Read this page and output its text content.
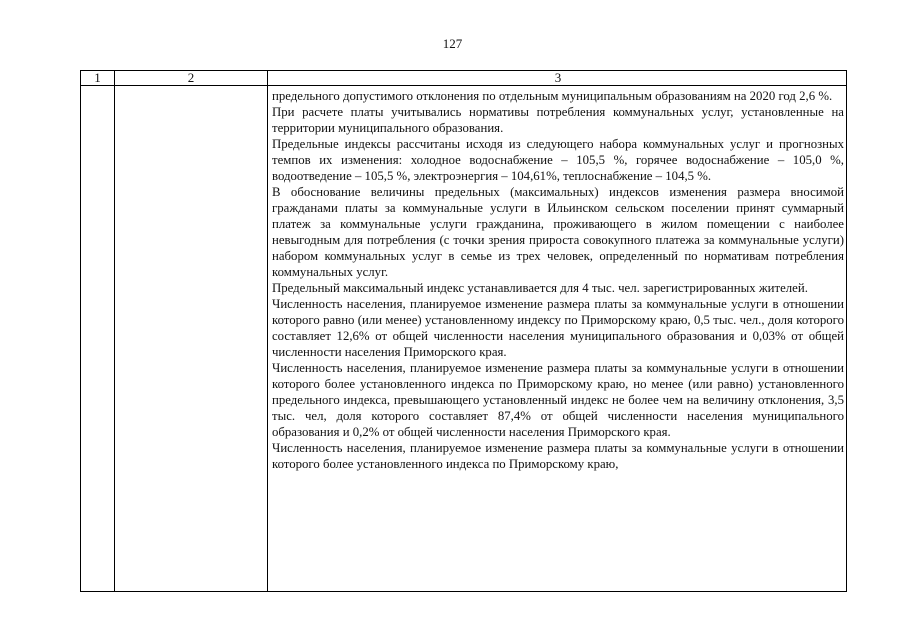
127
1	2	3

предельного допустимого отклонения по отдельным муниципальным образованиям на 2020 год 2,6 %.

При расчете платы учитывались нормативы потребления коммунальных услуг, установленные на территории муниципального образования.

Предельные индексы рассчитаны исходя из следующего набора коммунальных услуг и прогнозных темпов их изменения: холодное водоснабжение – 105,5 %, горячее водоснабжение – 105,0 %, водоотведение – 105,5 %, электроэнергия – 104,61%, теплоснабжение – 104,5 %.

В обоснование величины предельных (максимальных) индексов изменения размера вносимой гражданами платы за коммунальные услуги в Ильинском сельском поселении принят суммарный платеж за коммунальные услуги гражданина, проживающего в жилом помещении с наиболее невыгодным для потребления (с точки зрения прироста совокупного платежа за коммунальные услуги) набором коммунальных услуг в семье из трех человек, определенный по нормативам потребления коммунальных услуг.

Предельный максимальный индекс устанавливается для 4 тыс. чел. зарегистрированных жителей.

Численность населения, планируемое изменение размера платы за коммунальные услуги в отношении которого равно (или менее) установленному индексу по Приморскому краю, 0,5 тыс. чел., доля которого составляет 12,6% от общей численности населения муниципального образования и 0,03% от общей численности населения Приморского края.

Численность населения, планируемое изменение размера платы за коммунальные услуги в отношении которого более установленного индекса по Приморскому краю, но менее (или равно) установленного предельного индекса, превышающего установленный индекс не более чем на величину отклонения, 3,5 тыс. чел, доля которого составляет 87,4% от общей численности населения муниципального образования и 0,2% от общей численности населения Приморского края.

Численность населения, планируемое изменение размера платы за коммунальные услуги в отношении которого более установленного индекса по Приморскому краю,
